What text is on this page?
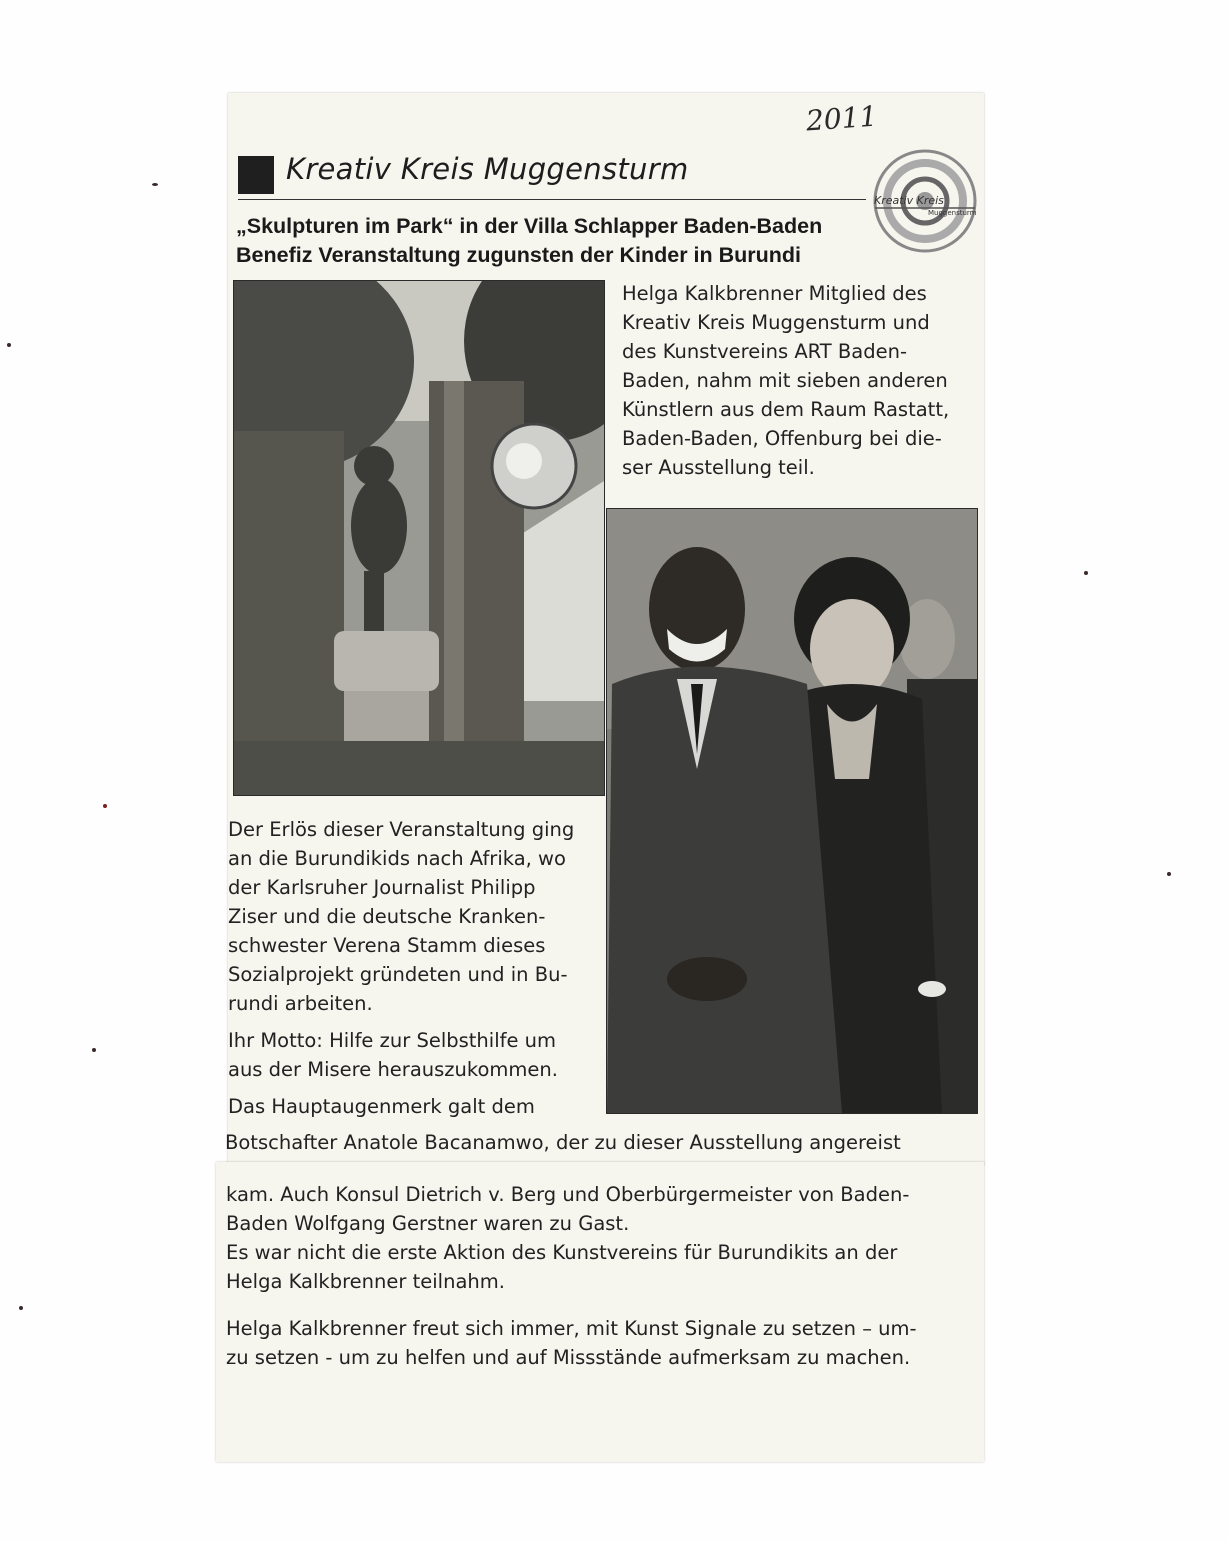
2011
Kreativ Kreis Muggensturm
Kreativ Kreis
Muggensturm
„Skulpturen im Park“ in der Villa Schlapper Baden-Baden
Benefiz Veranstaltung zugunsten der Kinder in Burundi
Helga Kalkbrenner Mitglied des
Kreativ Kreis Muggensturm und
des Kunstvereins ART Baden-
Baden, nahm mit sieben anderen
Künstlern aus dem Raum Rastatt,
Baden-Baden, Offenburg bei die-
ser Ausstellung teil.

Der Erlös dieser Veranstaltung ging
an die Burundikids nach Afrika, wo
der Karlsruher Journalist Philipp
Ziser und die deutsche Kranken-
schwester Verena Stamm dieses
Sozialprojekt gründeten und in Bu-
rundi arbeiten.

Ihr Motto: Hilfe zur Selbsthilfe um
aus der Misere herauszukommen.

Das Hauptaugenmerk galt dem

Botschafter Anatole Bacanamwo, der zu dieser Ausstellung angereist

kam. Auch Konsul Dietrich v. Berg und Oberbürgermeister von Baden-
Baden Wolfgang Gerstner waren zu Gast.

Es war nicht die erste Aktion des Kunstvereins für Burundikits an der
Helga Kalkbrenner teilnahm.

Helga Kalkbrenner freut sich immer, mit Kunst Signale zu setzen – um-
zu setzen - um zu helfen und auf Missstände aufmerksam zu machen.
